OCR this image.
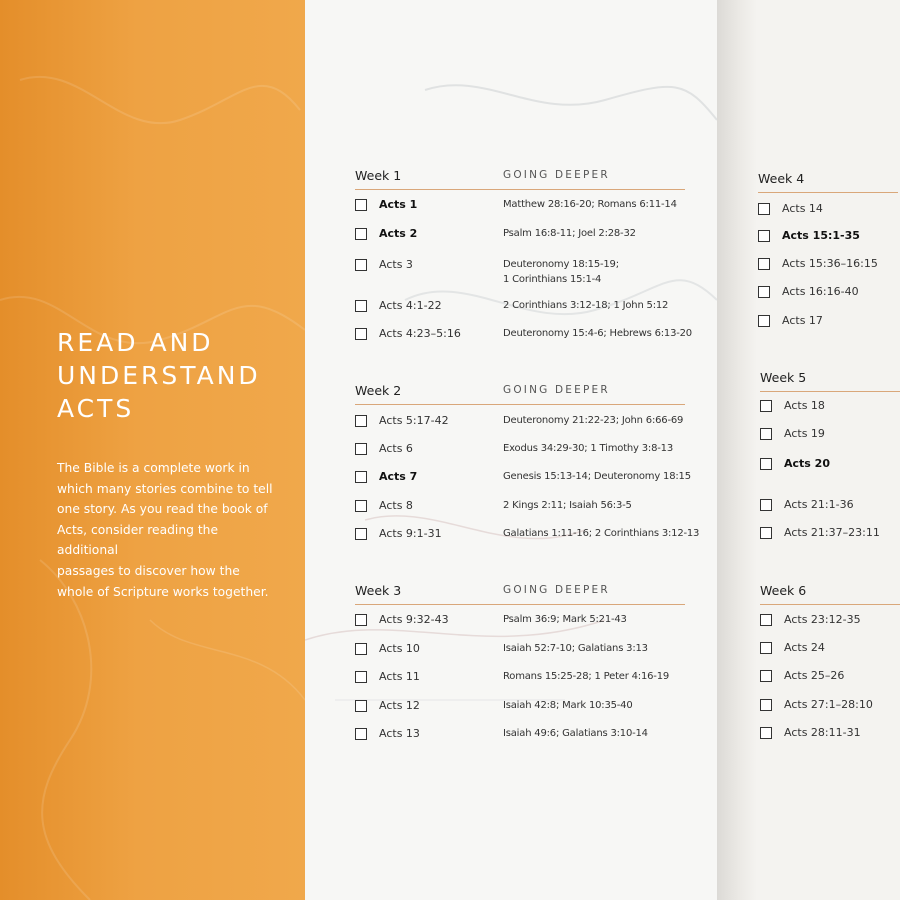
READ AND
UNDERSTAND
ACTS
The Bible is a complete work in
which many stories combine to tell
one story. As you read the book of
Acts, consider reading the additional
passages to discover how the
whole of Scripture works together.
Week 1	GOING DEEPER
Acts 1	Matthew 28:16-20; Romans 6:11-14
Acts 2	Psalm 16:8-11; Joel 2:28-32
Acts 3	Deuteronomy 18:15-19;
1 Corinthians 15:1-4
Acts 4:1-22	2 Corinthians 3:12-18; 1 John 5:12
Acts 4:23–5:16	Deuteronomy 15:4-6; Hebrews 6:13-20
Week 2	GOING DEEPER
Acts 5:17-42	Deuteronomy 21:22-23; John 6:66-69
Acts 6	Exodus 34:29-30; 1 Timothy 3:8-13
Acts 7	Genesis 15:13-14; Deuteronomy 18:15
Acts 8	2 Kings 2:11; Isaiah 56:3-5
Acts 9:1-31	Galatians 1:11-16; 2 Corinthians 3:12-13
Week 3	GOING DEEPER
Acts 9:32-43	Psalm 36:9; Mark 5:21-43
Acts 10	Isaiah 52:7-10; Galatians 3:13
Acts 11	Romans 15:25-28; 1 Peter 4:16-19
Acts 12	Isaiah 42:8; Mark 10:35-40
Acts 13	Isaiah 49:6; Galatians 3:10-14
Week 4
Acts 14
Acts 15:1-35
Acts 15:36–16:15
Acts 16:16-40
Acts 17
Week 5
Acts 18
Acts 19
Acts 20
Acts 21:1-36
Acts 21:37–23:11
Week 6
Acts 23:12-35
Acts 24
Acts 25–26
Acts 27:1–28:10
Acts 28:11-31
